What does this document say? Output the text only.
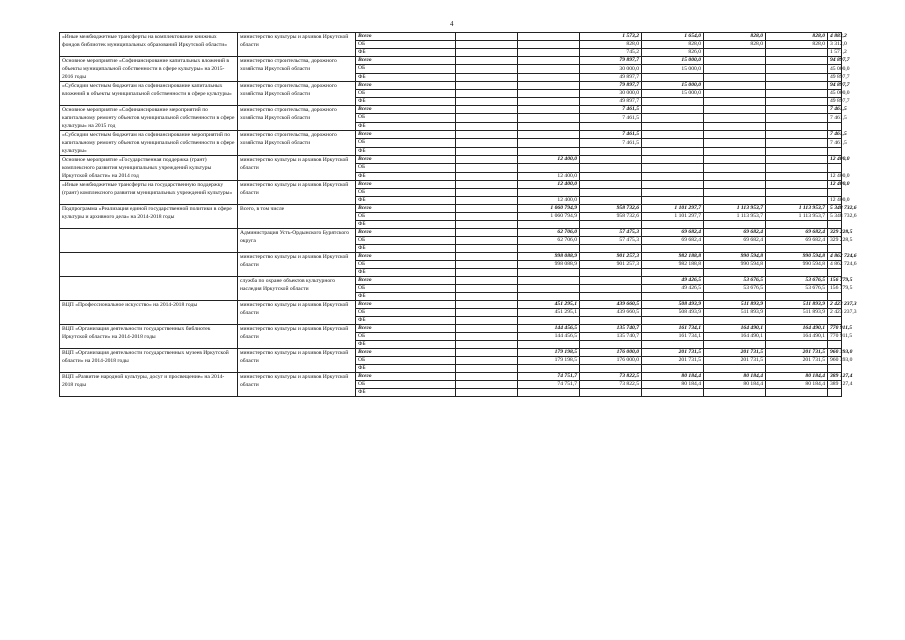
4
«Иные межбюджетные трансферты на комплектование книжных фондов библиотек муниципальных образований Иркутской области»	министерство культуры и архивов Иркутской области	Всего			1 573,2	1 654,0	828,0	828,0	4 883,2
		ОБ			828,0	828,0	828,0	828,0	3 312,0
		ФБ			745,2	826,0			1 571,2
Основное мероприятие «Софинансирование капитальных вложений в объекты муниципальной собственности в сфере культуры» на 2015-2016 годы	министерство строительства, дорожного хозяйства Иркутской области	Всего			79 897,7	15 000,0			94 897,7
		ОБ			30 000,0	15 000,0			45 000,0
		ФБ			49 897,7				49 897,7
«Субсидии местным бюджетам на софинансирование капитальных вложений в объекты муниципальной собственности в сфере культуры»	министерство строительства, дорожного хозяйства Иркутской области	Всего			79 897,7	15 000,0			94 897,7
		ОБ			30 000,0	15 000,0			45 000,0
		ФБ			49 897,7				49 897,7
Основное мероприятие «Софинансирование мероприятий по капитальному ремонту объектов муниципальной собственности в сфере культуры» на 2015 год	министерство строительства, дорожного хозяйства Иркутской области	Всего			7 461,5				7 461,5
		ОБ			7 461,5				7 461,5
		ФБ							
«Субсидии местным бюджетам на софинансирование мероприятий по капитальному ремонту объектов муниципальной собственности в сфере культуры»	министерство строительства, дорожного хозяйства Иркутской области	Всего			7 461,5				7 461,5
		ОБ			7 461,5				7 461,5
		ФБ							
Основное мероприятие «Государственная поддержка (грант) комплексного развития муниципальных учреждений культуры Иркутской области» на 2014 год	министерство культуры и архивов Иркутской области	Всего		12 400,0					12 400,0
		ОБ							
		ФБ		12 400,0					12 400,0
«Иные межбюджетные трансферты на государственную поддержку (грант) комплексного развития муниципальных учреждений культуры»	министерство культуры и архивов Иркутской области	Всего		12 400,0					12 400,0
		ОБ							
		ФБ		12 400,0					12 400,0
Подпрограмма «Реализация единой государственной политики в сфере культуры и архивного дела» на 2014-2018 годы	Всего, в том числе	Всего		1 060 794,9	958 732,6	1 101 297,7	1 113 953,7	1 113 953,7	5 348 732,6
		ОБ		1 060 794,9	958 732,6	1 101 297,7	1 113 953,7	1 113 953,7	5 348 732,6
		ФБ							
	Администрация Усть-Ордынского Бурятского округа	Всего		62 706,0	57 475,3	69 682,4	69 682,4	69 682,4	329 228,5
		ОБ		62 706,0	57 475,3	69 682,4	69 682,4	69 682,4	329 228,5
		ФБ							
	министерство культуры и архивов Иркутской области	Всего		998 088,9	901 257,3	982 188,8	990 594,8	990 594,8	4 862 724,6
		ОБ		998 088,9	901 257,3	982 188,8	990 594,8	990 594,8	4 862 724,6
		ФБ							
	служба по охране объектов культурного наследия Иркутской области	Всего				49 426,5	53 676,5	53 676,5	156 779,5
		ОБ				49 426,5	53 676,5	53 676,5	156 779,5
		ФБ							
ВЦП «Профессиональное искусство» на 2014-2018 годы	министерство культуры и архивов Иркутской области	Всего		451 295,1	439 660,5	508 493,9	511 893,9	511 893,9	2 423 237,3
		ОБ		451 295,1	439 660,5	508 493,9	511 893,9	511 893,9	2 423 237,3
		ФБ							
ВЦП «Организация деятельности государственных библиотек Иркутской области» на 2014-2018 годы	министерство культуры и архивов Иркутской области	Всего		144 456,5	135 740,7	161 734,1	164 490,1	164 490,1	770 911,5
		ОБ		144 456,5	135 740,7	161 734,1	164 490,1	164 490,1	770 911,5
		ФБ							
ВЦП «Организация деятельности государственных музеев Иркутской области» на 2014-2018 годы	министерство культуры и архивов Иркутской области	Всего		179 198,5	176 000,0	201 731,5	201 731,5	201 731,5	960 393,0
		ОБ		179 198,5	176 000,0	201 731,5	201 731,5	201 731,5	960 393,0
		ФБ							
ВЦП «Развитие народной культуры, досуг и просвещение» на 2014-2018 годы	министерство культуры и архивов Иркутской области	Всего		74 751,7	73 822,5	80 184,4	80 184,4	80 184,4	389 127,4
		ОБ		74 751,7	73 822,5	80 184,4	80 184,4	80 184,4	389 127,4
		ФБ							
